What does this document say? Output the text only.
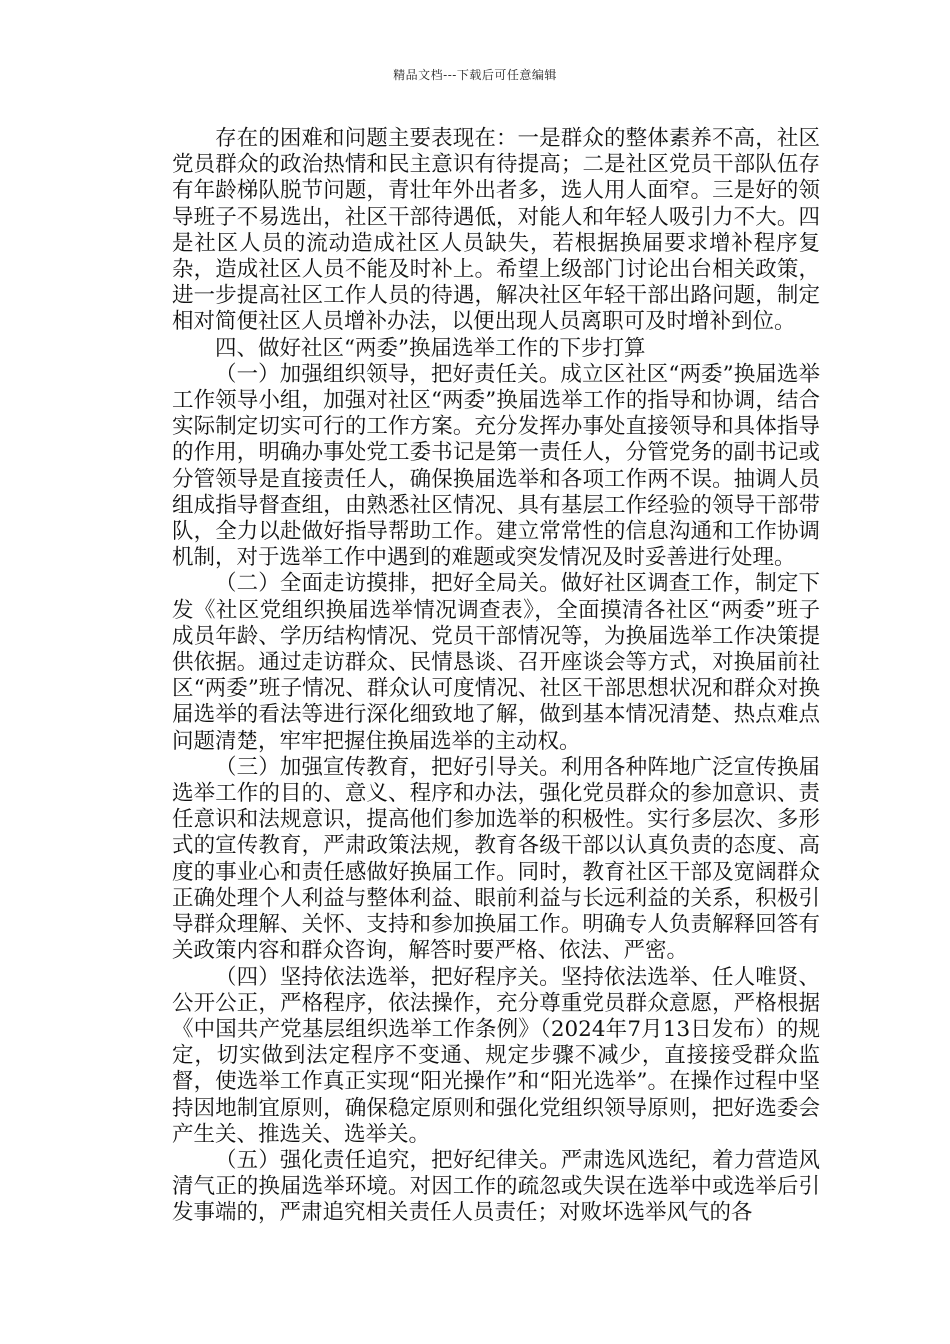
精品文档---下载后可任意编辑

存在的困难和问题主要表现在：一是群众的整体素养不高，社区党员群众的政治热情和民主意识有待提高；二是社区党员干部队伍存有年龄梯队脱节问题，青壮年外出者多，选人用人面窄。三是好的领导班子不易选出，社区干部待遇低，对能人和年轻人吸引力不大。四是社区人员的流动造成社区人员缺失，若根据换届要求增补程序复杂，造成社区人员不能及时补上。希望上级部门讨论出台相关政策，进一步提高社区工作人员的待遇，解决社区年轻干部出路问题，制定相对简便社区人员增补办法，以便出现人员离职可及时增补到位。

四、做好社区“两委”换届选举工作的下步打算

（一）加强组织领导，把好责任关。成立区社区“两委”换届选举工作领导小组，加强对社区“两委”换届选举工作的指导和协调，结合实际制定切实可行的工作方案。充分发挥办事处直接领导和具体指导的作用，明确办事处党工委书记是第一责任人，分管党务的副书记或分管领导是直接责任人，确保换届选举和各项工作两不误。抽调人员组成指导督查组，由熟悉社区情况、具有基层工作经验的领导干部带队，全力以赴做好指导帮助工作。建立常常性的信息沟通和工作协调机制，对于选举工作中遇到的难题或突发情况及时妥善进行处理。

（二）全面走访摸排，把好全局关。做好社区调查工作，制定下发《社区党组织换届选举情况调查表》，全面摸清各社区“两委”班子成员年龄、学历结构情况、党员干部情况等，为换届选举工作决策提供依据。通过走访群众、民情恳谈、召开座谈会等方式，对换届前社区“两委”班子情况、群众认可度情况、社区干部思想状况和群众对换届选举的看法等进行深化细致地了解，做到基本情况清楚、热点难点问题清楚，牢牢把握住换届选举的主动权。

（三）加强宣传教育，把好引导关。利用各种阵地广泛宣传换届选举工作的目的、意义、程序和办法，强化党员群众的参加意识、责任意识和法规意识，提高他们参加选举的积极性。实行多层次、多形式的宣传教育，严肃政策法规，教育各级干部以认真负责的态度、高度的事业心和责任感做好换届工作。同时，教育社区干部及宽阔群众正确处理个人利益与整体利益、眼前利益与长远利益的关系，积极引导群众理解、关怀、支持和参加换届工作。明确专人负责解释回答有关政策内容和群众咨询，解答时要严格、依法、严密。

（四）坚持依法选举，把好程序关。坚持依法选举、任人唯贤、公开公正，严格程序，依法操作，充分尊重党员群众意愿，严格根据《中国共产党基层组织选举工作条例》（2024年7月13日发布）的规定，切实做到法定程序不变通、规定步骤不减少，直接接受群众监督，使选举工作真正实现“阳光操作”和“阳光选举”。在操作过程中坚持因地制宜原则，确保稳定原则和强化党组织领导原则，把好选委会产生关、推选关、选举关。

（五）强化责任追究，把好纪律关。严肃选风选纪，着力营造风清气正的换届选举环境。对因工作的疏忽或失误在选举中或选举后引发事端的，严肃追究相关责任人员责任；对败坏选举风气的各
